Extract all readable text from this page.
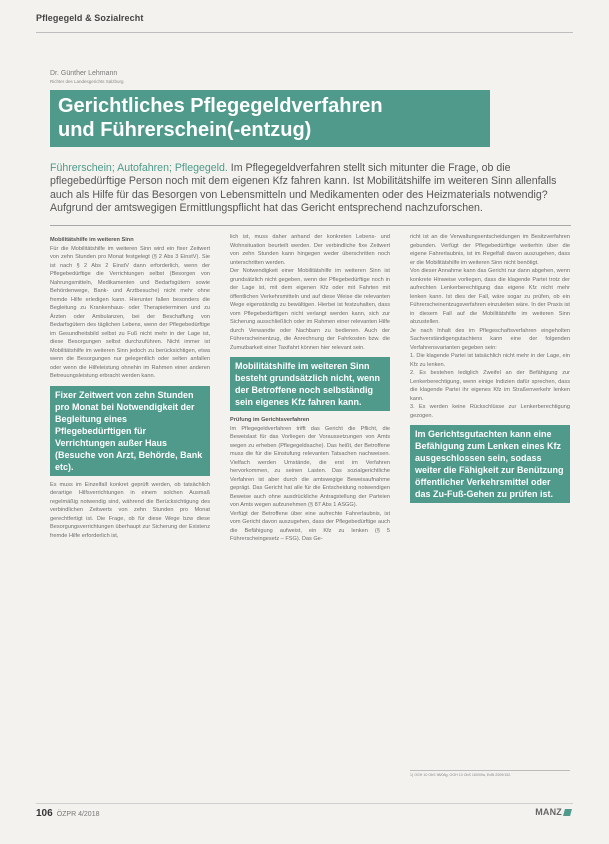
Pflegegeld & Sozialrecht
Dr. Günther Lehmann
Richter des Landesgerichts Salzburg
Gerichtliches Pflegegeldverfahren
und Führerschein(-entzug)
Führerschein; Autofahren; Pflegegeld. Im Pflegegeldverfahren stellt sich mitunter die Frage, ob die pflegebedürftige Person noch mit dem eigenen Kfz fahren kann. Ist Mobilitätshilfe im weiteren Sinn allenfalls auch als Hilfe für das Besorgen von Lebensmitteln und Medikamenten oder des Heizmaterials notwendig? Aufgrund der amtswegigen Ermittlungspflicht hat das Gericht entsprechend nachzuforschen.

Mobilitätshilfe im weiteren Sinn

Für die Mobilitätshilfe im weiteren Sinn wird ein fixer Zeitwert von zehn Stunden pro Monat festgelegt (§ 2 Abs 3 EinstV). Sie ist nach § 2 Abs 2 EinstV dann erforderlich, wenn der Pflegebedürftige die Verrichtungen selbst (Besorgen von Nahrungsmitteln, Medikamenten und Bedarfsgütern sowie Behördenwege, Bank- und Arztbesuche) nicht mehr ohne fremde Hilfe erledigen kann. Hierunter fallen besonders die Begleitung zu Krankenhaus- oder Therapieterminen und zu Ärzten oder Ambulanzen, bei der Beschaffung von Bedarfsgütern des täglichen Lebens, wenn der Pflegebedürftige im Gesundheitsbild selbst zu Fuß nicht mehr in der Lage ist, diese Besorgungen selbst durchzuführen. Nicht immer ist Mobilitätshilfe im weiteren Sinn jedoch zu berücksichtigen, etwa wenn die Besorgungen nur gelegentlich oder selten anfallen oder wenn die Hilfeleistung ohnehin im Rahmen einer anderen Betreuungsleistung erbracht werden kann.

Fixer Zeitwert von zehn Stunden pro Monat bei Notwendigkeit der Begleitung eines Pflegebedürftigen für Verrichtungen außer Haus (Besuche von Arzt, Behörde, Bank etc).

Es muss im Einzelfall konkret geprüft werden, ob tatsächlich derartige Hilfsverrichtungen in einem solchen Ausmaß regelmäßig notwendig sind, während die Berücksichtigung des verbindlichen Zeitwerts von zehn Stunden pro Monat gerechtfertigt ist. Die Frage, ob für diese Wege bzw diese Besorgungsverrichtungen überhaupt zur Sicherung der Existenz fremde Hilfe erforderlich ist,

lich ist, muss daher anhand der konkreten Lebens- und Wohnsituation beurteilt werden. Der verbindliche fixe Zeitwert von zehn Stunden kann hingegen weder überschritten noch unterschritten werden.

Der Notwendigkeit einer Mobilitätshilfe im weiteren Sinn ist grundsätzlich nicht gegeben, wenn der Pflegebedürftige noch in der Lage ist, mit dem eigenen Kfz oder mit Fahrten mit öffentlichen Verkehrsmitteln und auf diese Weise die relevanten Wege eigenständig zu bewältigen. Hierbei ist festzuhalten, dass vom Pflegebedürftigen nicht verlangt werden kann, sich zur Sicherung ausschließlich oder im Rahmen einer relevanten Hilfe durch Verwandte oder Nachbarn zu bedienen. Auch der Führerscheinentzug, die Anrechnung der Fahrkosten bzw. die Zumutbarkeit einer Taxifahrt können hier relevant sein.

Mobilitätshilfe im weiteren Sinn besteht grundsätzlich nicht, wenn der Betroffene noch selbständig sein eigenes Kfz fahren kann.

Prüfung im Gerichtsverfahren

Im Pflegegeldverfahren trifft das Gericht die Pflicht, die Beweislast für das Vorliegen der Voraussetzungen von Amts wegen zu erheben (Pflegegeldsache). Das heißt, der Betroffene muss die für die Einstufung relevanten Tatsachen nachweisen. Vielfach werden Umstände, die erst im Verfahren hervorkommen, zu seinen Lasten. Das sozialgerichtliche Verfahren ist aber durch die amtswegige Beweisaufnahme geprägt. Das Gericht hat alle für die Entscheidung notwendigen Beweise auch ohne ausdrückliche Antragstellung der Parteien von Amts wegen aufzunehmen (§ 87 Abs 1 ASGG).

Verfügt der Betroffene über eine aufrechte Fahrerlaubnis, ist vom Gericht davon auszugehen, dass der Pflegebedürftige auch die Befähigung aufweist, ein Kfz zu lenken (§ 5 Führerscheingesetz – FSG). Das Ge-

richt ist an die Verwaltungsentscheidungen im Besitzverfahren gebunden. Verfügt der Pflegebedürftige weiterhin über die eigene Fahrerlaubnis, ist im Regelfall davon auszugehen, dass er die Mobilitätshilfe im weiteren Sinn nicht benötigt.

Von dieser Annahme kann das Gericht nur dann abgehen, wenn konkrete Hinweise vorliegen, dass die klagende Partei trotz der aufrechten Lenkerberechtigung das eigene Kfz nicht mehr lenken kann. Ist dies der Fall, wäre sogar zu prüfen, ob ein Führerscheinentzugsverfahren einzuleiten wäre. In der Praxis ist in diesem Fall auf die Mobilitätshilfe im weiteren Sinn abzustellen.

Je nach Inhalt des im Pflegeschaftsverfahren eingeholten Sachverständigengutachtens kann eine der folgenden Verfahrensvarianten gegeben sein:

1. Die klagende Partei ist tatsächlich nicht mehr in der Lage, ein Kfz zu lenken.

2. Es bestehen lediglich Zweifel an der Befähigung zur Lenkerberechtigung, wenn einige Indizien dafür sprechen, dass die klagende Partei ihr eigenes Kfz im Straßenverkehr lenken kann.

3. Es werden keine Rückschlüsse zur Lenkerberechtigung gezogen.

Im Gerichtsgutachten kann eine Befähigung zum Lenken eines Kfz ausgeschlossen sein, sodass weiter die Fähigkeit zur Benützung öffentlicher Verkehrsmittel oder das Zu-Fuß-Gehen zu prüfen ist.
1) OGH 10 ObS 98/08g; OGH 10 ObS 160/09a, EvBl 2009/152.
106 ÖZPR 4/2018	MANZ
